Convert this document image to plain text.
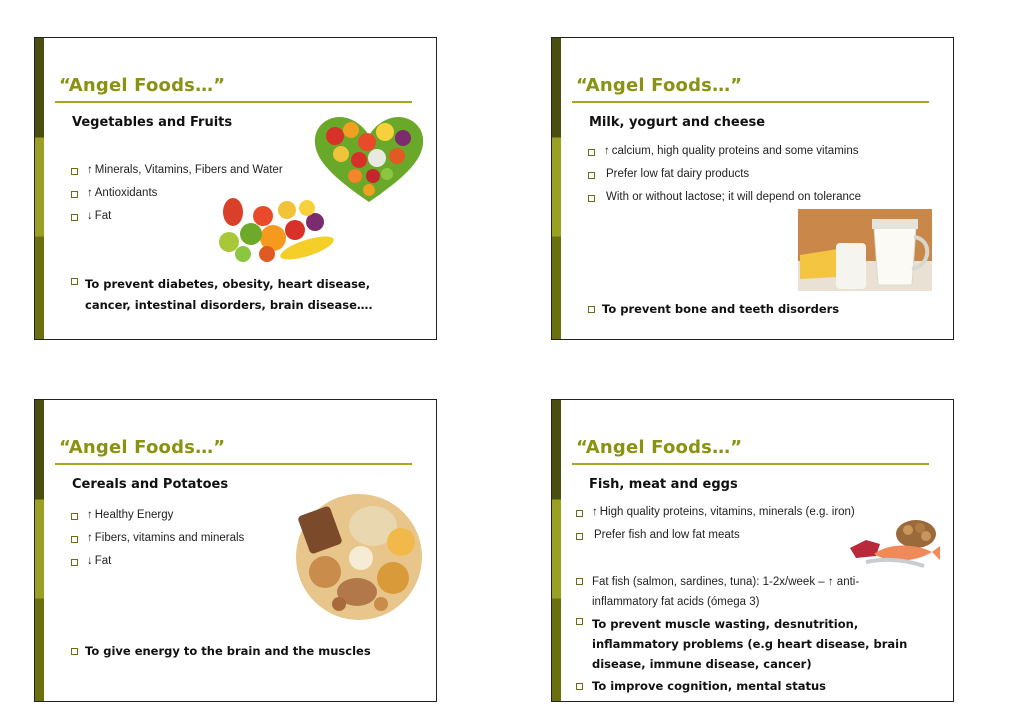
“Angel Foods…”
Vegetables and Fruits
↑ Minerals, Vitamins, Fibers and Water
↑ Antioxidants
↓ Fat
To prevent diabetes, obesity, heart disease,
cancer, intestinal disorders, brain disease….
“Angel Foods…”
Milk, yogurt and cheese
↑ calcium, high quality proteins and some vitamins
Prefer low fat dairy products
With or without lactose; it will depend on tolerance
To prevent bone and teeth disorders
“Angel Foods…”
Cereals and Potatoes
↑ Healthy Energy
↑ Fibers, vitamins and minerals
↓ Fat
To give energy to the brain and the muscles
“Angel Foods…”
Fish, meat and eggs
↑ High quality proteins, vitamins, minerals (e.g. iron)
Prefer fish and low fat meats
Fat fish (salmon, sardines, tuna): 1-2x/week – ↑ anti-
inflammatory fat acids (ómega 3)
To prevent muscle wasting, desnutrition,
inflammatory problems (e.g heart disease, brain
disease, immune disease, cancer)
To improve cognition, mental status
